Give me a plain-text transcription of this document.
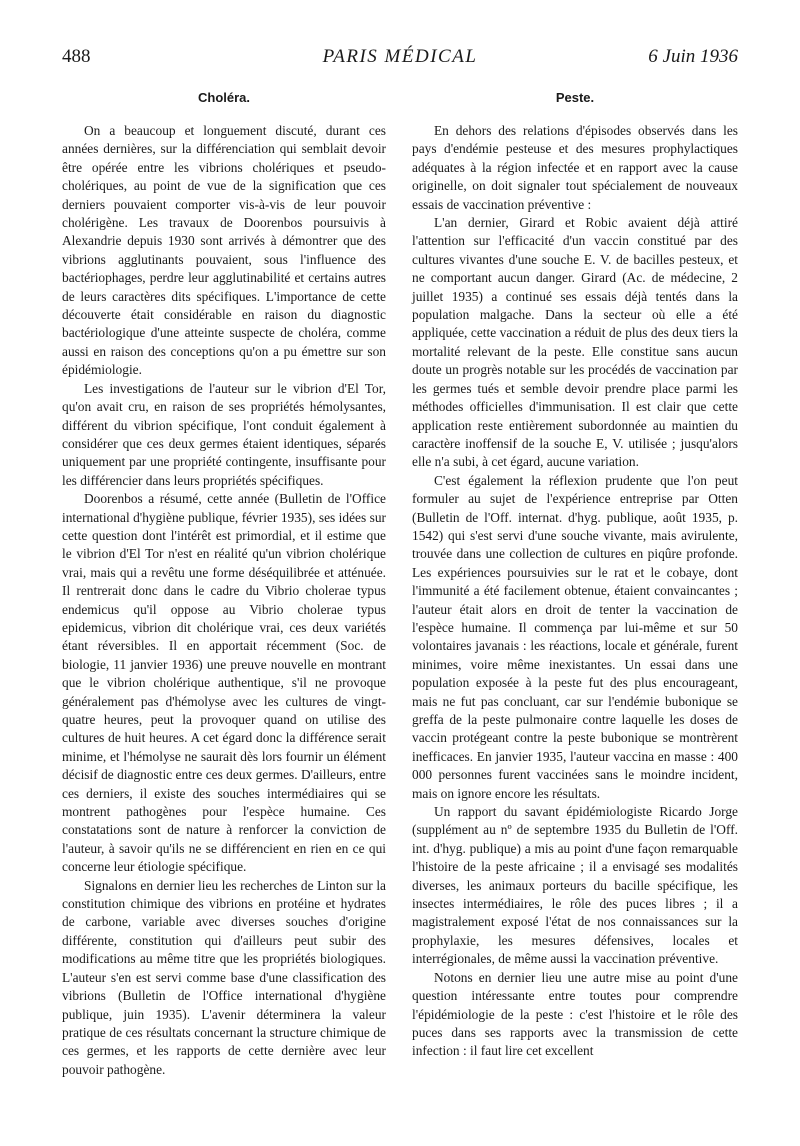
488	PARIS MÉDICAL	6 Juin 1936
Choléra.

On a beaucoup et longuement discuté, durant ces années dernières, sur la différenciation qui semblait devoir être opérée entre les vibrions cholériques et pseudo-cholériques, au point de vue de la signification que ces derniers pouvaient comporter vis-à-vis de leur pouvoir cholérigène. Les travaux de Doorenbos poursuivis à Alexandrie depuis 1930 sont arrivés à démontrer que des vibrions agglutinants pouvaient, sous l'influence des bactériophages, perdre leur agglutinabilité et certains autres de leurs caractères dits spécifiques. L'importance de cette découverte était considérable en raison du diagnostic bactériologique d'une atteinte suspecte de choléra, comme aussi en raison des conceptions qu'on a pu émettre sur son épidémiologie.

Les investigations de l'auteur sur le vibrion d'El Tor, qu'on avait cru, en raison de ses propriétés hémolysantes, différent du vibrion spécifique, l'ont conduit également à considérer que ces deux germes étaient identiques, séparés uniquement par une propriété contingente, insuffisante pour les différencier dans leurs propriétés spécifiques.

Doorenbos a résumé, cette année (Bulletin de l'Office international d'hygiène publique, février 1935), ses idées sur cette question dont l'intérêt est primordial, et il estime que le vibrion d'El Tor n'est en réalité qu'un vibrion cholérique vrai, mais qui a revêtu une forme déséquilibrée et atténuée. Il rentrerait donc dans le cadre du Vibrio cholerae typus endemicus qu'il oppose au Vibrio cholerae typus epidemicus, vibrion dit cholérique vrai, ces deux variétés étant réversibles. Il en apportait récemment (Soc. de biologie, 11 janvier 1936) une preuve nouvelle en montrant que le vibrion cholérique authentique, s'il ne provoque généralement pas d'hémolyse avec les cultures de vingt-quatre heures, peut la provoquer quand on utilise des cultures de huit heures. A cet égard donc la différence serait minime, et l'hémolyse ne saurait dès lors fournir un élément décisif de diagnostic entre ces deux germes. D'ailleurs, entre ces derniers, il existe des souches intermédiaires qui se montrent pathogènes pour l'espèce humaine. Ces constatations sont de nature à renforcer la conviction de l'auteur, à savoir qu'ils ne se différencient en rien en ce qui concerne leur étiologie spécifique.

Signalons en dernier lieu les recherches de Linton sur la constitution chimique des vibrions en protéine et hydrates de carbone, variable avec diverses souches d'origine différente, constitution qui d'ailleurs peut subir des modifications au même titre que les propriétés biologiques. L'auteur s'en est servi comme base d'une classification des vibrions (Bulletin de l'Office international d'hygiène publique, juin 1935). L'avenir déterminera la valeur pratique de ces résultats concernant la structure chimique de ces germes, et les rapports de cette dernière avec leur pouvoir pathogène.

Peste.

En dehors des relations d'épisodes observés dans les pays d'endémie pesteuse et des mesures prophylactiques adéquates à la région infectée et en rapport avec la cause originelle, on doit signaler tout spécialement de nouveaux essais de vaccination préventive :

L'an dernier, Girard et Robic avaient déjà attiré l'attention sur l'efficacité d'un vaccin constitué par des cultures vivantes d'une souche E. V. de bacilles pesteux, et ne comportant aucun danger. Girard (Ac. de médecine, 2 juillet 1935) a continué ses essais déjà tentés dans la population malgache. Dans la secteur où elle a été appliquée, cette vaccination a réduit de plus des deux tiers la mortalité relevant de la peste. Elle constitue sans aucun doute un progrès notable sur les procédés de vaccination par les germes tués et semble devoir prendre place parmi les méthodes officielles d'immunisation. Il est clair que cette application reste entièrement subordonnée au maintien du caractère inoffensif de la souche E, V. utilisée ; jusqu'alors elle n'a subi, à cet égard, aucune variation.

C'est également la réflexion prudente que l'on peut formuler au sujet de l'expérience entreprise par Otten (Bulletin de l'Off. internat. d'hyg. publique, août 1935, p. 1542) qui s'est servi d'une souche vivante, mais avirulente, trouvée dans une collection de cultures en piqûre profonde. Les expériences poursuivies sur le rat et le cobaye, dont l'immunité a été facilement obtenue, étaient convaincantes ; l'auteur était alors en droit de tenter la vaccination de l'espèce humaine. Il commença par lui-même et sur 50 volontaires javanais : les réactions, locale et générale, furent minimes, voire même inexistantes. Un essai dans une population exposée à la peste fut des plus encourageant, mais ne fut pas concluant, car sur l'endémie bubonique se greffa de la peste pulmonaire contre laquelle les doses de vaccin protégeant contre la peste bubonique se montrèrent inefficaces. En janvier 1935, l'auteur vaccina en masse : 400 000 personnes furent vaccinées sans le moindre incident, mais on ignore encore les résultats.

Un rapport du savant épidémiologiste Ricardo Jorge (supplément au nº de septembre 1935 du Bulletin de l'Off. int. d'hyg. publique) a mis au point d'une façon remarquable l'histoire de la peste africaine ; il a envisagé ses modalités diverses, les animaux porteurs du bacille spécifique, les insectes intermédiaires, le rôle des puces libres ; il a magistralement exposé l'état de nos connaissances sur la prophylaxie, les mesures défensives, locales et interrégionales, de même aussi la vaccination préventive.

Notons en dernier lieu une autre mise au point d'une question intéressante entre toutes pour comprendre l'épidémiologie de la peste : c'est l'histoire et le rôle des puces dans ses rapports avec la transmission de cette infection : il faut lire cet excellent
